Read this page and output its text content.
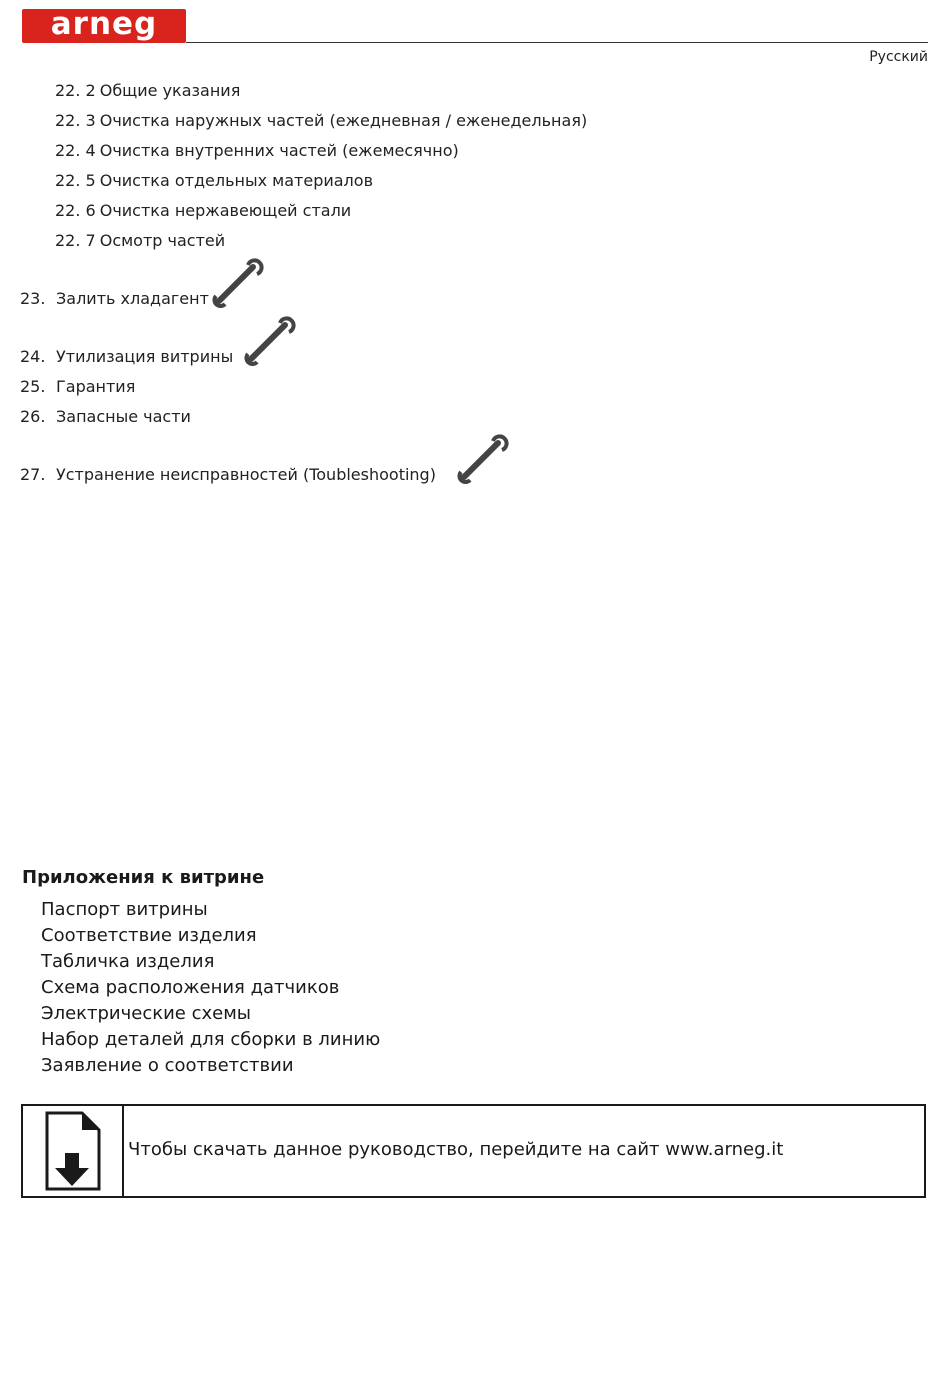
arneg
Русский
22. 2 Общие указания
22. 3 Очистка наружных частей (ежедневная / еженедельная)
22. 4 Очистка внутренних частей (ежемесячно)
22. 5 Очистка отдельных материалов
22. 6 Очистка нержавеющей стали
22. 7 Осмотр частей
23. Залить хладагент
24. Утилизация витрины
25. Гарантия
26. Запасные части
27. Устранение неисправностей (Toubleshooting)
Приложения к витрине
Паспорт витрины
Соответствие изделия
Табличка изделия
Схема расположения датчиков
Электрические схемы
Набор деталей для сборки в линию
Заявление о соответствии
Чтобы скачать данное руководство, перейдите на сайт www.arneg.it
